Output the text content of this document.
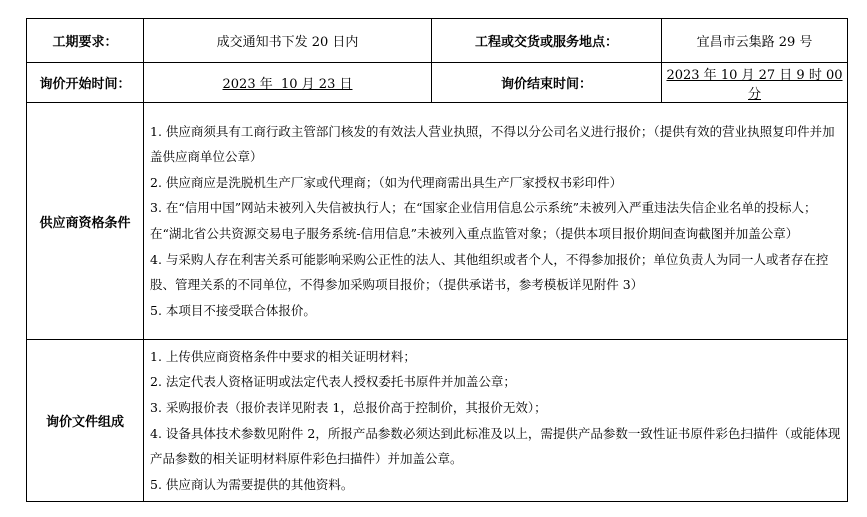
工期要求：	成交通知书下发 20 日内	工程或交货或服务地点：	宜昌市云集路 29 号
询价开始时间：	2023 年  10 月 23 日	询价结束时间：	2023 年 10 月 27 日 9 时 00 分
供应商资格条件	1. 供应商须具有工商行政主管部门核发的有效法人营业执照，不得以分公司名义进行报价；（提供有效的营业执照复印件并加盖供应商单位公章）
2. 供应商应是洗脱机生产厂家或代理商；（如为代理商需出具生产厂家授权书彩印件）
3. 在“信用中国”网站未被列入失信被执行人；在“国家企业信用信息公示系统”未被列入严重违法失信企业名单的投标人；在“湖北省公共资源交易电子服务系统-信用信息”未被列入重点监管对象；（提供本项目报价期间查询截图并加盖公章）
4. 与采购人存在利害关系可能影响采购公正性的法人、其他组织或者个人，不得参加报价；单位负责人为同一人或者存在控股、管理关系的不同单位，不得参加采购项目报价；（提供承诺书，参考模板详见附件 3）
5. 本项目不接受联合体报价。		

询价文件组成	1. 上传供应商资格条件中要求的相关证明材料；
2. 法定代表人资格证明或法定代表人授权委托书原件并加盖公章；
3. 采购报价表（报价表详见附表 1，总报价高于控制价，其报价无效）；
4. 设备具体技术参数见附件 2，所报产品参数必须达到此标准及以上，需提供产品参数一致性证书原件彩色扫描件（或能体现产品参数的相关证明材料原件彩色扫描件）并加盖公章。
5. 供应商认为需要提供的其他资料。		
